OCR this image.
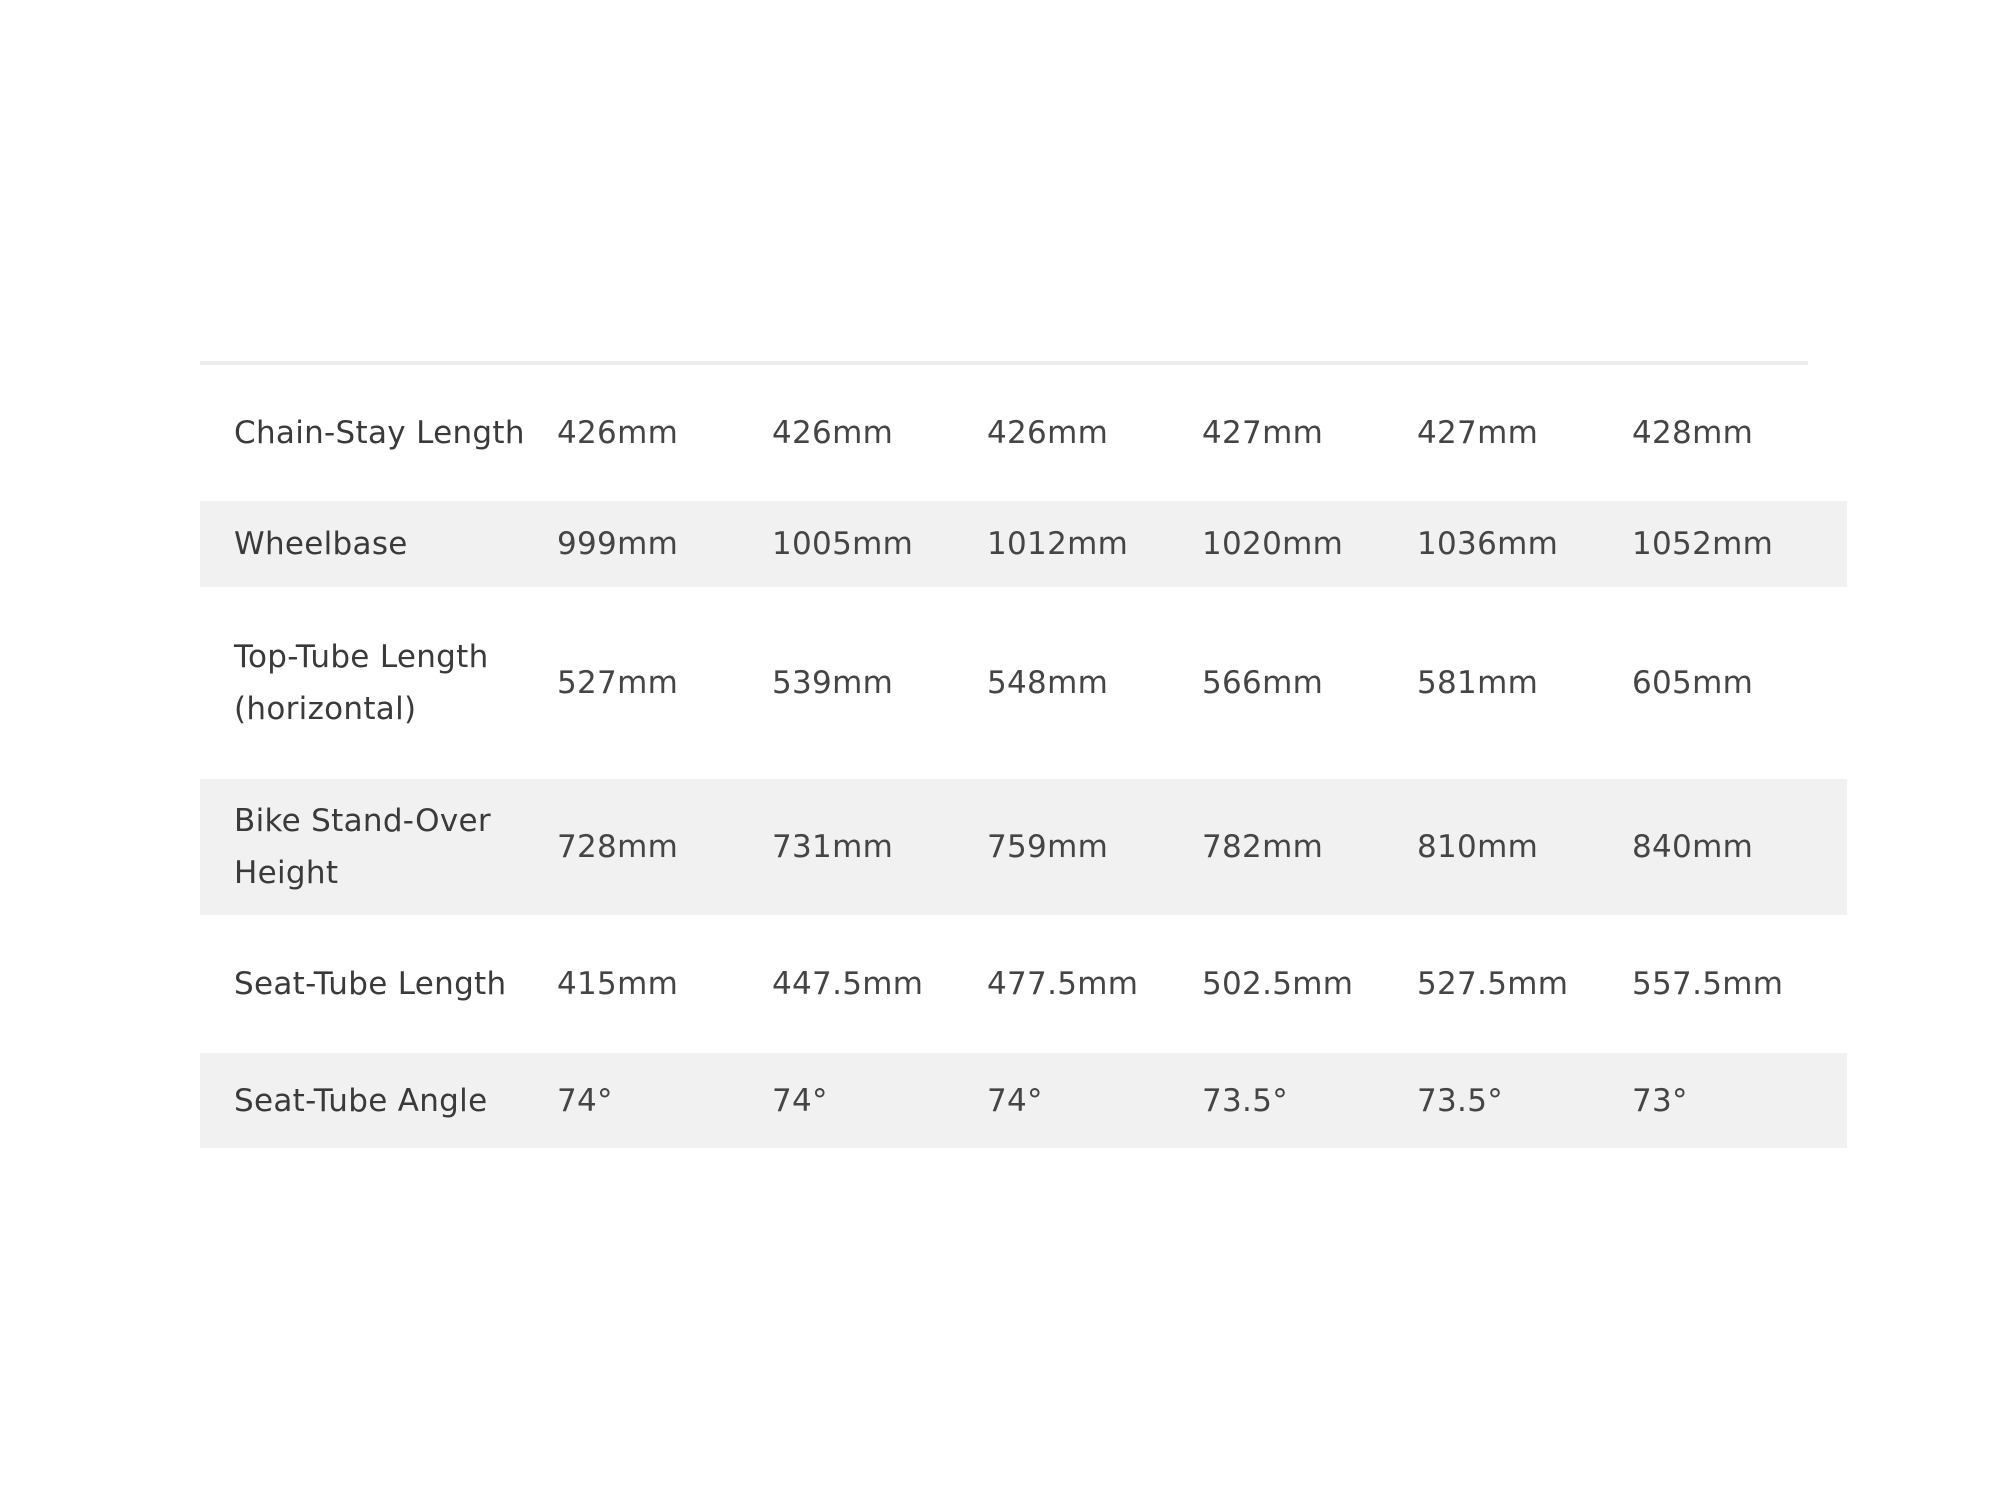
Chain-Stay Length	426mm	426mm	426mm	427mm	427mm	428mm
Wheelbase	999mm	1005mm	1012mm	1020mm	1036mm	1052mm
Top-Tube Length (horizontal)	527mm	539mm	548mm	566mm	581mm	605mm
Bike Stand-Over Height	728mm	731mm	759mm	782mm	810mm	840mm
Seat-Tube Length	415mm	447.5mm	477.5mm	502.5mm	527.5mm	557.5mm
Seat-Tube Angle	74°	74°	74°	73.5°	73.5°	73°
